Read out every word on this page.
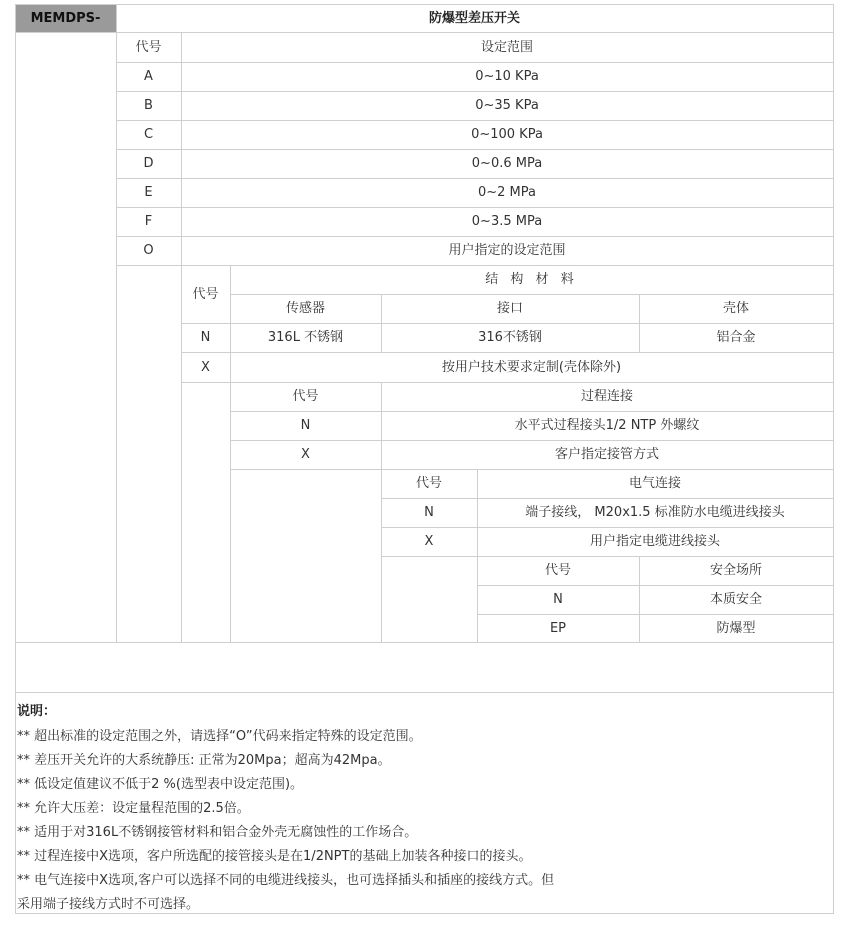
MEMDPS-	防爆型差压开关
代号	设定范围
A	0~10 KPa
B	0~35 KPa
C	0~100 KPa
D	0~0.6 MPa
E	0~2 MPa
F	0~3.5 MPa
O	用户指定的设定范围
代号
结 构 材 料
传感器	接口	壳体
N	316L 不锈钢	316不锈钢	铝合金
X	按用户技术要求定制(壳体除外)
代号	过程连接
N	水平式过程接头1/2 NTP 外螺纹
X	客户指定接管方式
代号	电气连接
N	端子接线， M20x1.5 标准防水电缆进线接头
X	用户指定电缆进线接头
代号	安全场所
N	本质安全
EP	防爆型
说明：
** 超出标准的设定范围之外，请选择“O”代码来指定特殊的设定范围。
** 差压开关允许的大系统静压: 正常为20Mpa；超高为42Mpa。
** 低设定值建议不低于2 %(选型表中设定范围)。
** 允许大压差：设定量程范围的2.5倍。
** 适用于对316L不锈钢接管材料和铝合金外壳无腐蚀性的工作场合。
** 过程连接中X选项，客户所选配的接管接头是在1/2NPT的基础上加装各种接口的接头。
** 电气连接中X选项,客户可以选择不同的电缆进线接头，也可选择插头和插座的接线方式。但
采用端子接线方式时不可选择。
